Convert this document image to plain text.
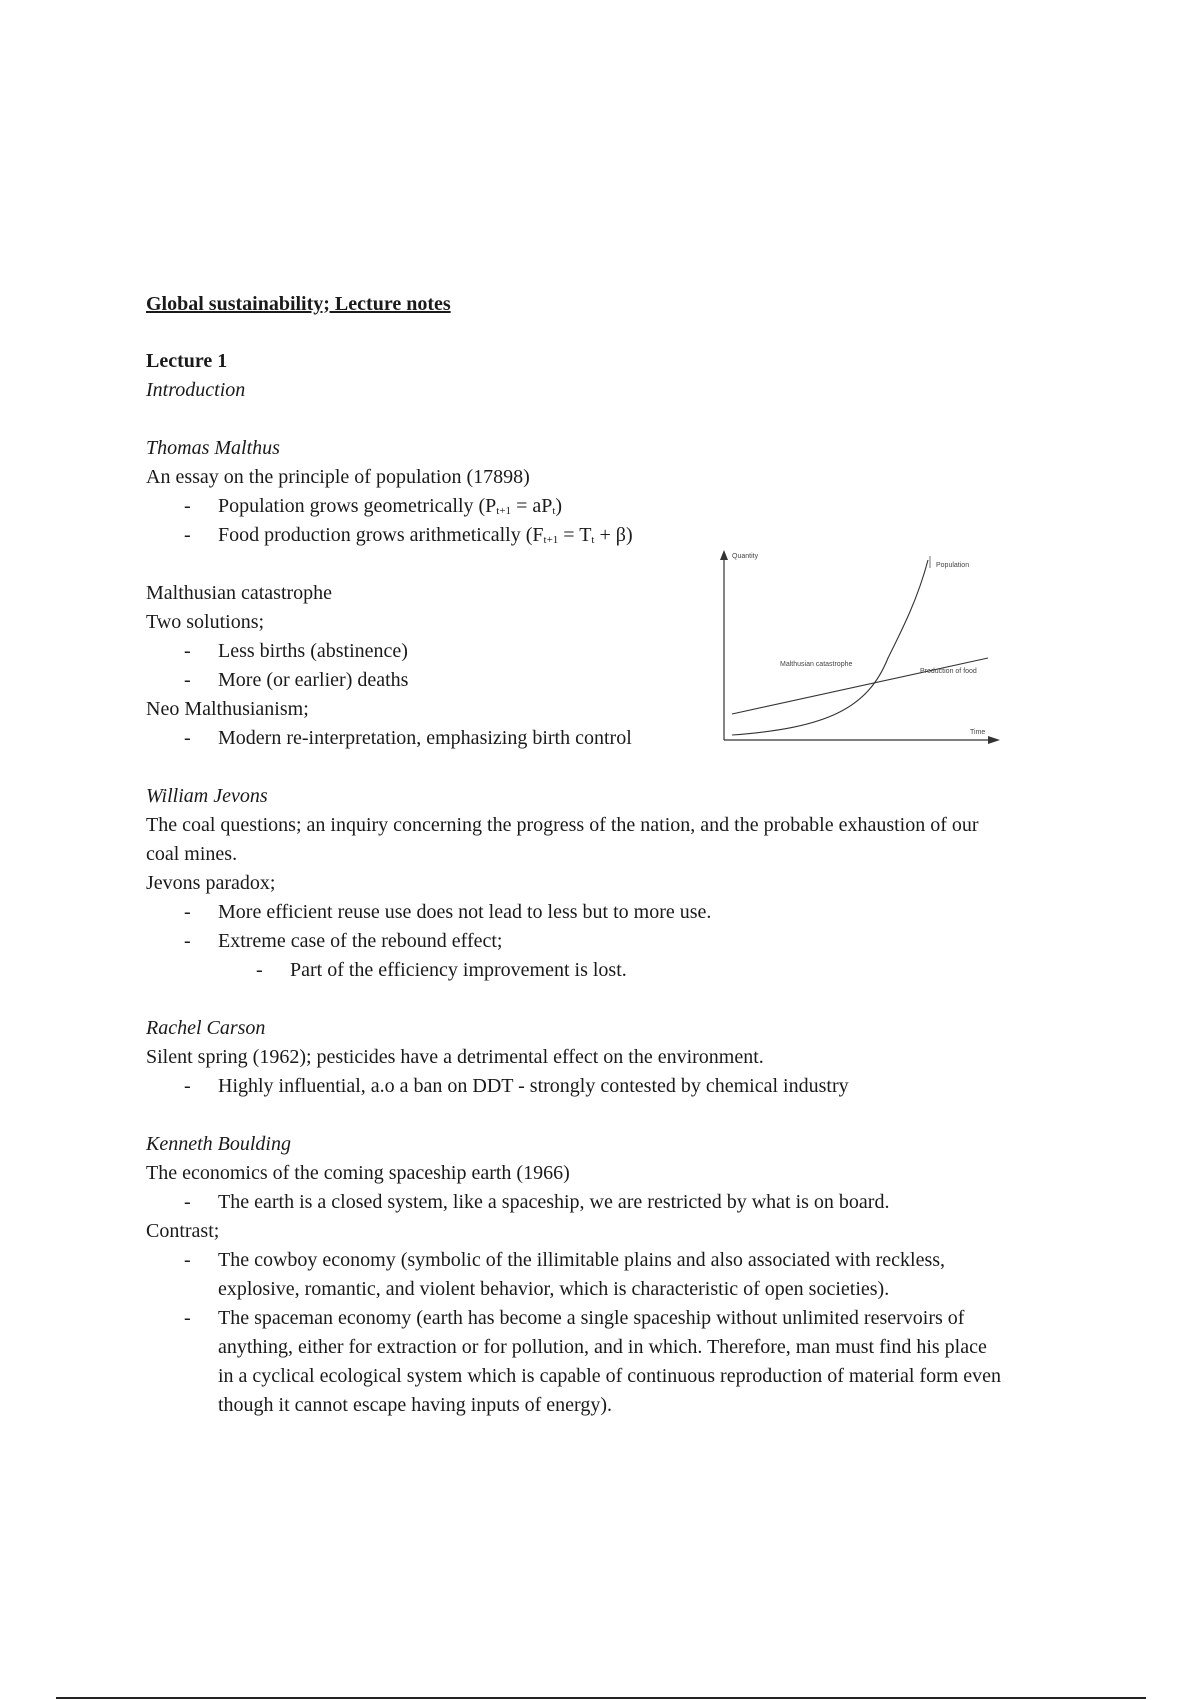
Global sustainability; Lecture notes

Lecture 1

Introduction

Thomas Malthus

An essay on the principle of population (17898)

- Population grows geometrically $(P_{t+1} = aP_t)$

- Food production grows arithmetically $(F_{t+1} = T_t + \beta)$

Malthusian catastrophe

Two solutions;

- Less births (abstinence)

- More (or earlier) deaths

Neo Malthusianism;

- Modern re-interpretation, emphasizing birth control

William Jevons

The coal questions; an inquiry concerning the progress of the nation, and the probable exhaustion of our

coal mines.

Jevons paradox;

- More efficient reuse use does not lead to less but to more use.

- Extreme case of the rebound effect;

- Part of the efficiency improvement is lost.

Rachel Carson

Silent spring (1962); pesticides have a detrimental effect on the environment.

- Highly influential, a.o a ban on DDT - strongly contested by chemical industry

Kenneth Boulding

The economics of the coming spaceship earth (1966)

- The earth is a closed system, like a spaceship, we are restricted by what is on board.

Contrast;

- The cowboy economy (symbolic of the illimitable plains and also associated with reckless,
explosive, romantic, and violent behavior, which is characteristic of open societies).
- The spaceman economy (earth has become a single spaceship without unlimited reservoirs of
anything, either for extraction or for pollution, and in which. Therefore, man must find his place
in a cyclical ecological system which is capable of continuous reproduction of material form even
though it cannot escape having inputs of energy).
Quantity
Time
Population
Production of food
Malthusian catastrophe
